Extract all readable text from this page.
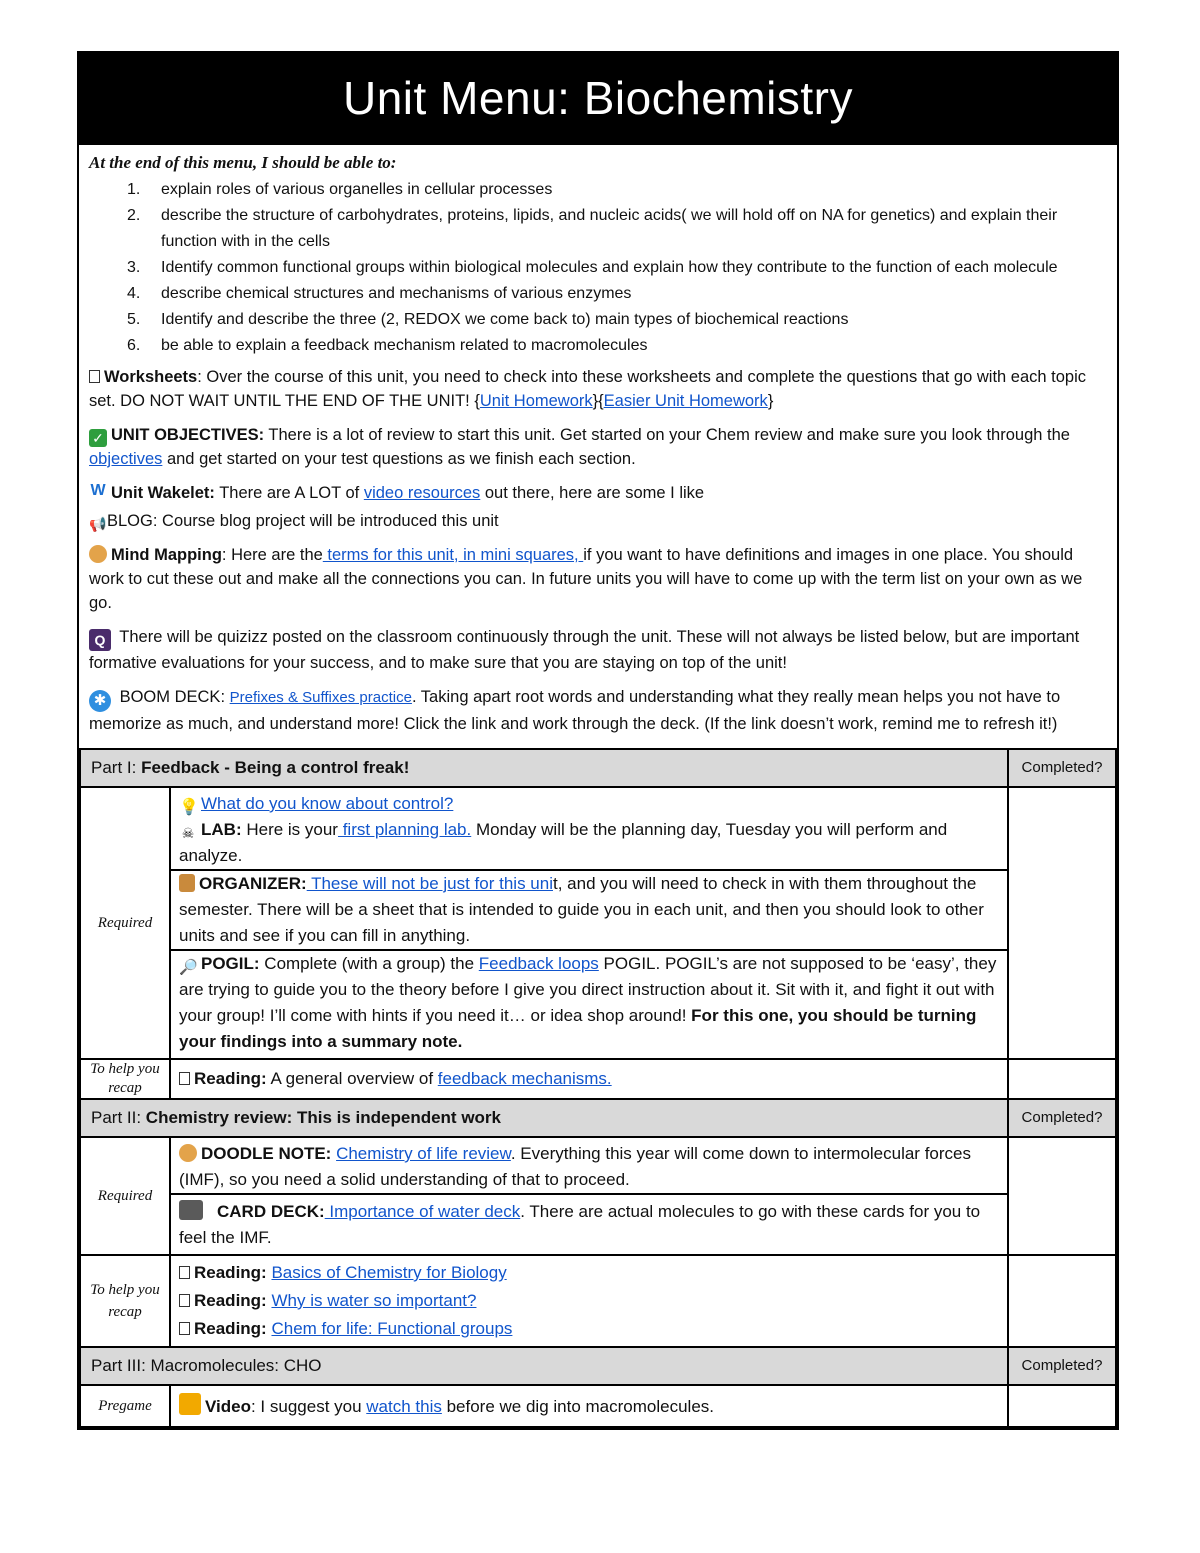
Unit Menu: Biochemistry
At the end of this menu, I should be able to:
1. explain roles of various organelles in cellular processes
2. describe the structure of carbohydrates, proteins, lipids, and nucleic acids( we will hold off on NA for genetics) and explain their function with in the cells
3. Identify common functional groups within biological molecules and explain how they contribute to the function of each molecule
4. describe chemical structures and mechanisms of various enzymes
5. Identify and describe the three (2, REDOX we come back to) main types of biochemical reactions
6. be able to explain a feedback mechanism related to macromolecules
Worksheets: Over the course of this unit, you need to check into these worksheets and complete the questions that go with each topic set. DO NOT WAIT UNTIL THE END OF THE UNIT! {Unit Homework}{Easier Unit Homework}
✓ UNIT OBJECTIVES: There is a lot of review to start this unit. Get started on your Chem review and make sure you look through the objectives and get started on your test questions as we finish each section.
W Unit Wakelet: There are A LOT of video resources out there, here are some I like
📢BLOG: Course blog project will be introduced this unit
Mind Mapping: Here are the terms for this unit, in mini squares, if you want to have definitions and images in one place. You should work to cut these out and make all the connections you can. In future units you will have to come up with the term list on your own as we go.
Q There will be quizizz posted on the classroom continuously through the unit. These will not always be listed below, but are important formative evaluations for your success, and to make sure that you are staying on top of the unit!
✱ BOOM DECK: Prefixes & Suffixes practice. Taking apart root words and understanding what they really mean helps you not have to memorize as much, and understand more! Click the link and work through the deck. (If the link doesn’t work, remind me to refresh it!)
Part I: Feedback - Being a control freak!		Completed?
Required	💡 What do you know about control?
☠ LAB: Here is your first planning lab. Monday will be the planning day, Tuesday you will perform and analyze.
ORGANIZER: These will not be just for this unit, and you will need to check in with them throughout the semester. There will be a sheet that is intended to guide you in each unit, and then you should look to other units and see if you can fill in anything.
🔎 POGIL: Complete (with a group) the Feedback loops POGIL. POGIL’s are not supposed to be ‘easy’, they are trying to guide you to the theory before I give you direct instruction about it. Sit with it, and fight it out with your group! I’ll come with hints if you need it… or idea shop around! For this one, you should be turning your findings into a summary note.	

To help you recap	Reading: A general overview of feedback mechanisms.	
Part II: Chemistry review: This is independent work		Completed?
Required	DOODLE NOTE: Chemistry of life review. Everything this year will come down to intermolecular forces (IMF), so you need a solid understanding of that to proceed.
CARD DECK: Importance of water deck. There are actual molecules to go with these cards for you to feel the IMF.	

To help you recap	Reading: Basics of Chemistry for Biology
Reading: Why is water so important?
Reading: Chem for life: Functional groups	

Part III: Macromolecules: CHO		Completed?
Pregame	Video: I suggest you watch this before we dig into macromolecules.	
